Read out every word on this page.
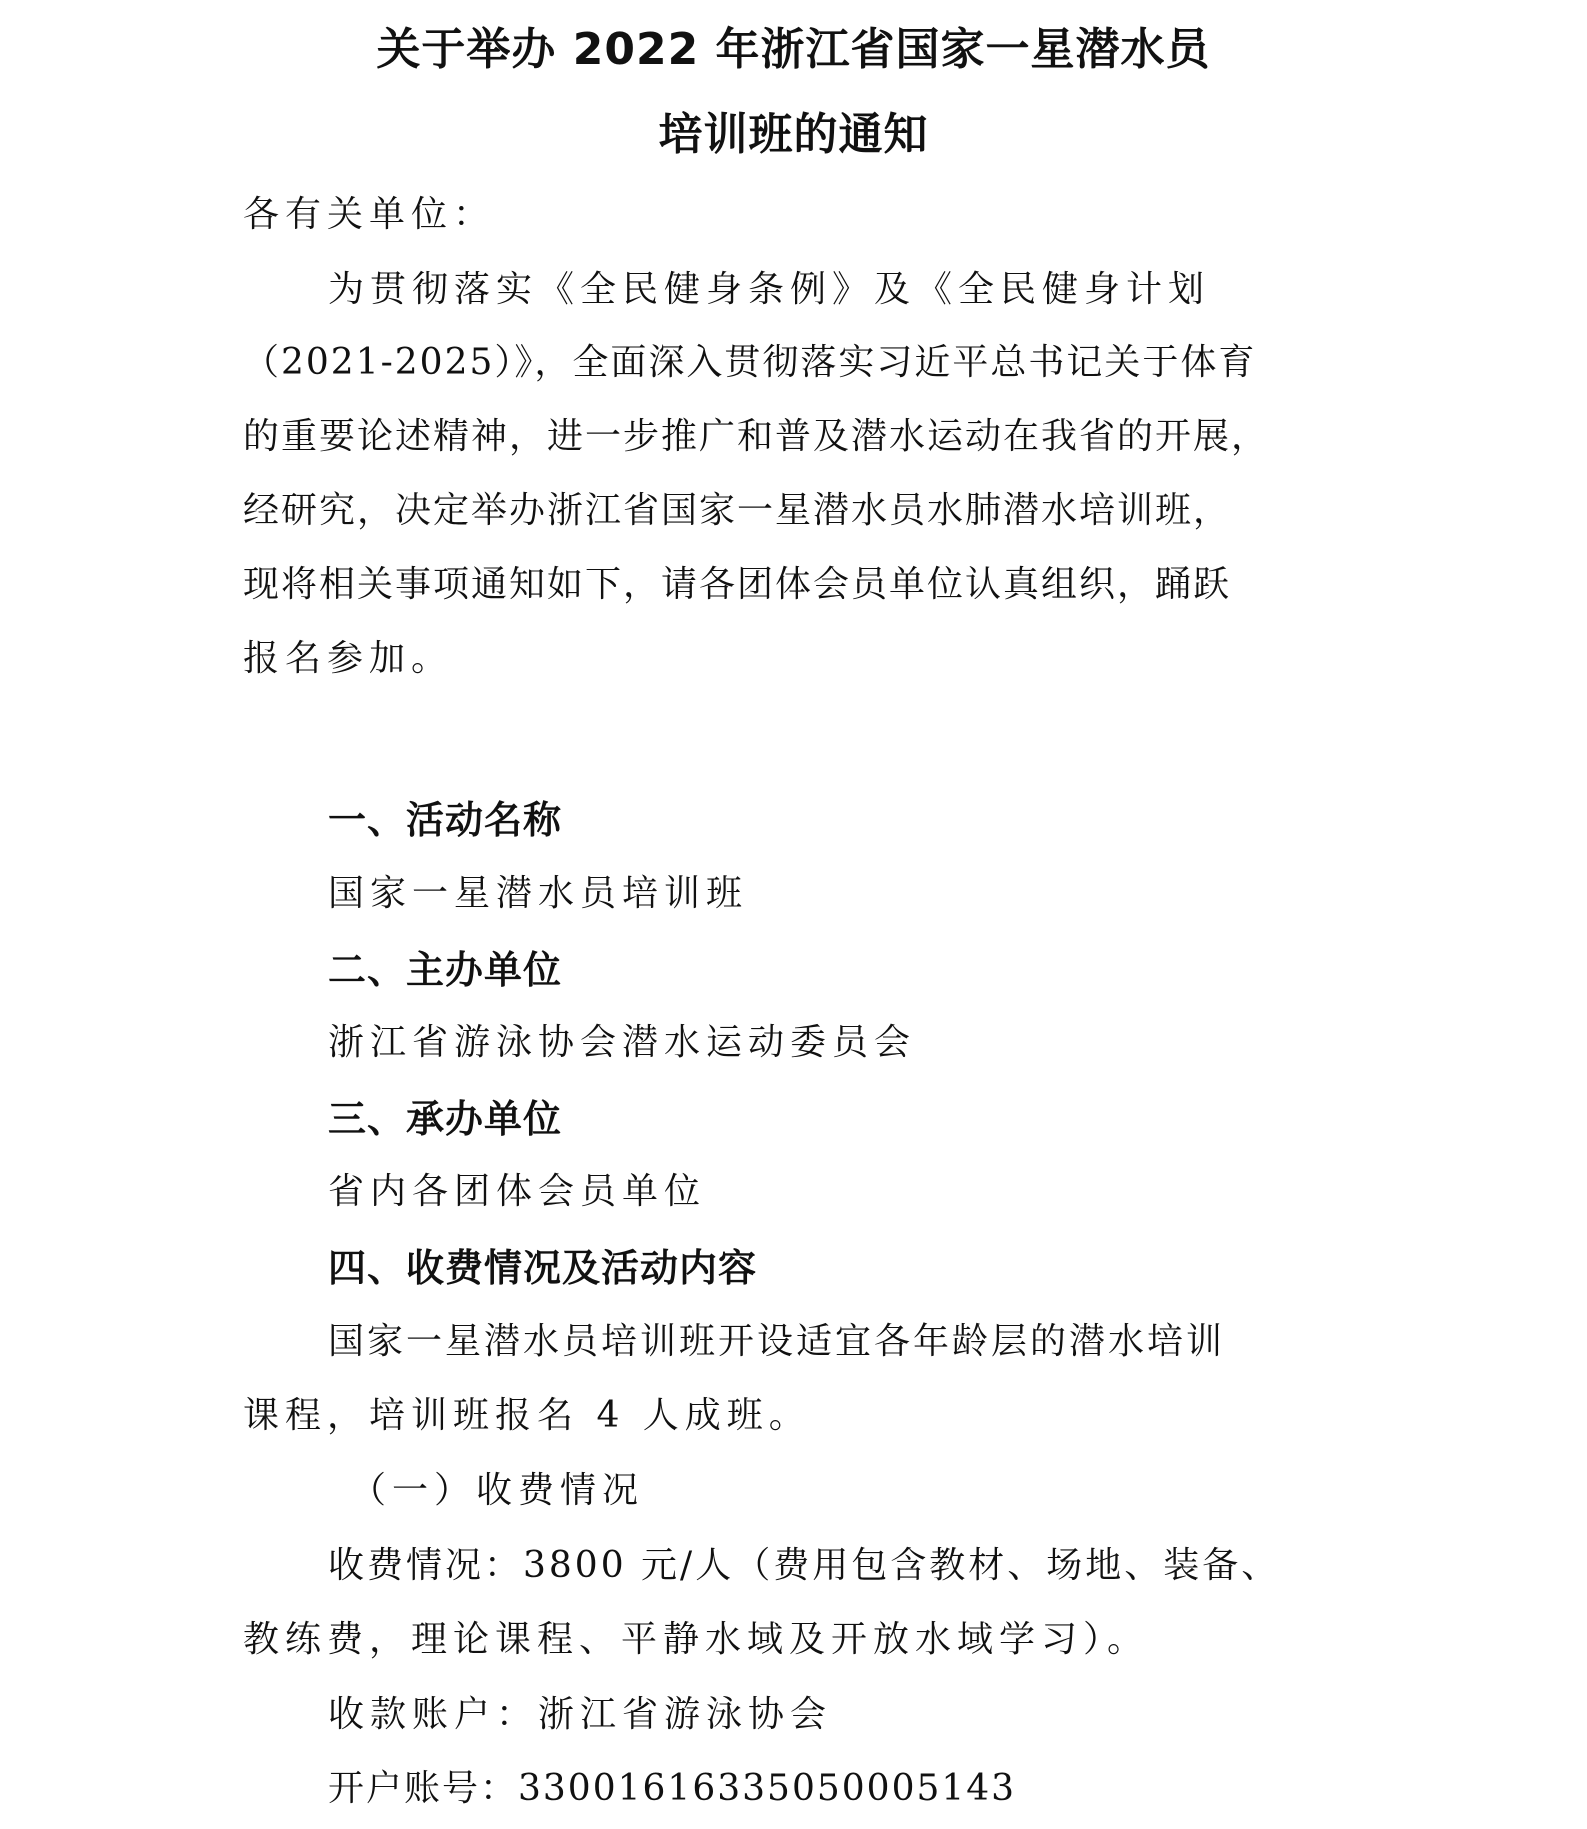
关于举办 2022 年浙江省国家一星潜水员
培训班的通知
各有关单位：
为贯彻落实《全民健身条例》及《全民健身计划
（2021-2025）》，全面深入贯彻落实习近平总书记关于体育
的重要论述精神，进一步推广和普及潜水运动在我省的开展，
经研究，决定举办浙江省国家一星潜水员水肺潜水培训班，
现将相关事项通知如下，请各团体会员单位认真组织，踊跃
报名参加。
一、活动名称
国家一星潜水员培训班
二、主办单位
浙江省游泳协会潜水运动委员会
三、承办单位
省内各团体会员单位
四、收费情况及活动内容
国家一星潜水员培训班开设适宜各年龄层的潜水培训
课程，培训班报名 4 人成班。
（一）收费情况
收费情况：3800 元/人（费用包含教材、场地、装备、
教练费，理论课程、平静水域及开放水域学习）。
收款账户：浙江省游泳协会
开户账号：33001616335050005143
